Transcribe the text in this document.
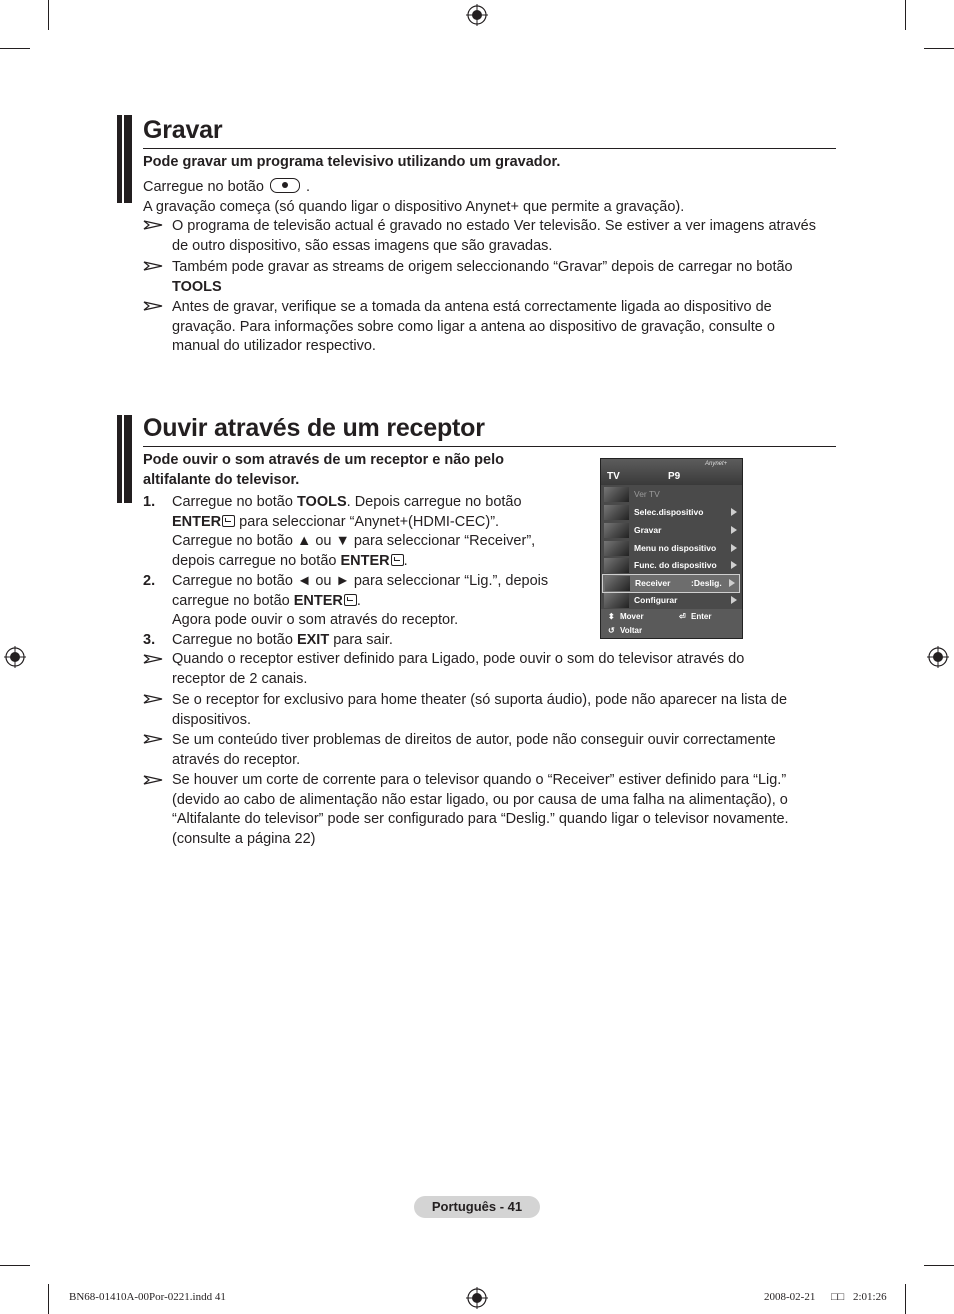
Gravar
Pode gravar um programa televisivo utilizando um gravador.
Carregue no botão	.
A gravação começa (só quando ligar o dispositivo Anynet+ que permite a gravação).
O programa de televisão actual é gravado no estado Ver televisão. Se estiver a ver imagens através
de outro dispositivo, são essas imagens que são gravadas.
Também pode gravar as streams de origem seleccionando “Gravar” depois de carregar no botão
TOOLS
Antes de gravar, verifique se a tomada da antena está correctamente ligada ao dispositivo de
gravação. Para informações sobre como ligar a antena ao dispositivo de gravação, consulte o
manual do utilizador respectivo.
Ouvir através de um receptor
Pode ouvir o som através de um receptor e não pelo
altifalante do televisor.
1. Carregue no botão TOOLS. Depois carregue no botão
ENTER para seleccionar “Anynet+(HDMI-CEC)”.
Carregue no botão ▲ ou ▼ para seleccionar “Receiver”,
depois carregue no botão ENTER .
2. Carregue no botão ◄ ou ► para seleccionar “Lig.”, depois
carregue no botão ENTER .
Agora pode ouvir o som através do receptor.
3. Carregue no botão EXIT para sair.
Quando o receptor estiver definido para Ligado, pode ouvir o som do televisor através do
receptor de 2 canais.
Se o receptor for exclusivo para home theater (só suporta áudio), pode não aparecer na lista de
dispositivos.
Se um conteúdo tiver problemas de direitos de autor, pode não conseguir ouvir correctamente
através do receptor.
Se houver um corte de corrente para o televisor quando o “Receiver” estiver definido para “Lig.”
(devido ao cabo de alimentação não estar ligado, ou por causa de uma falha na alimentação), o
“Altifalante do televisor” pode ser configurado para “Deslig.” quando ligar o televisor novamente.
(consulte a página 22)
TV	P9
Anynet+
Ver TV
Selec.dispositivo
Gravar
Menu no dispositivo
Func. do dispositivo
Receiver :Deslig.
Configurar
⬍ Mover	⏎ Enter
↺ Voltar
Português - 41
BN68-01410A-00Por-0221.indd 41	2008-02-21 □□ 2:01:26
